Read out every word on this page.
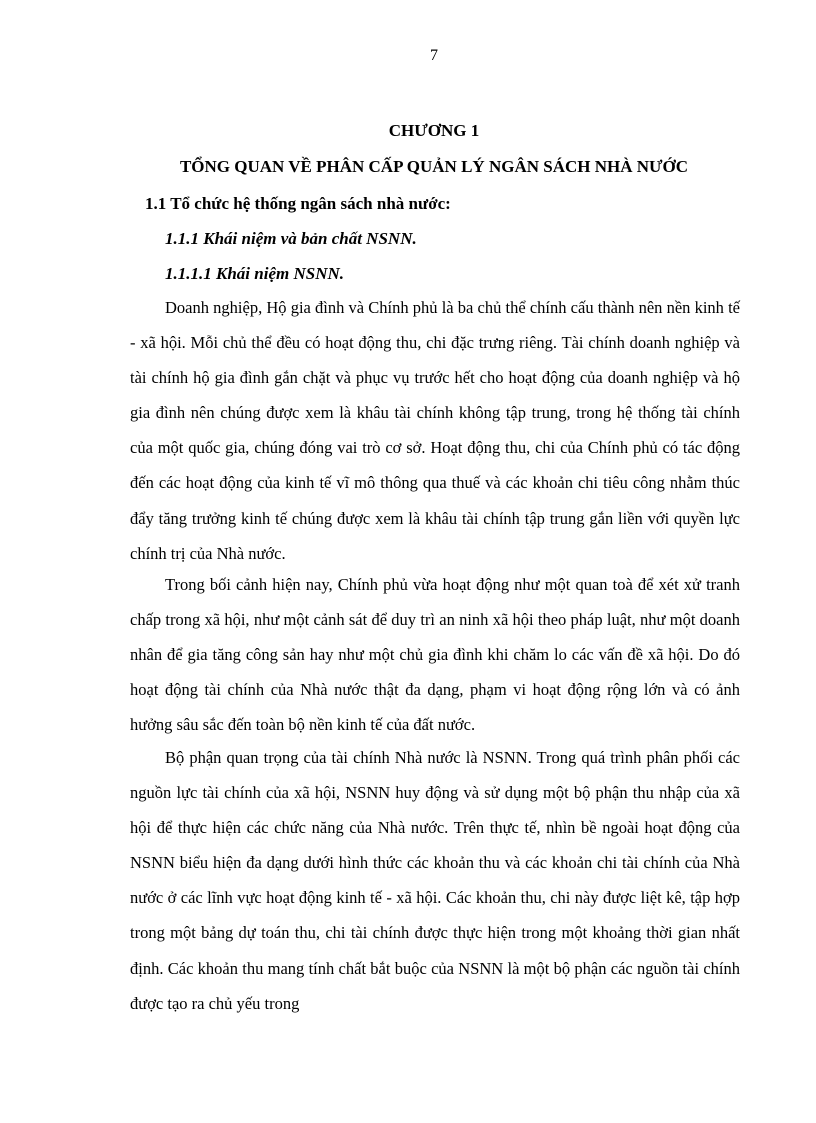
7
CHƯƠNG 1
TỔNG QUAN VỀ PHÂN CẤP QUẢN LÝ NGÂN SÁCH NHÀ NƯỚC
1.1 Tổ chức hệ thống ngân sách nhà nước:
1.1.1 Khái niệm và bản chất NSNN.
1.1.1.1 Khái niệm NSNN.

Doanh nghiệp, Hộ gia đình và Chính phủ là ba chủ thể chính cấu thành nên nền kinh tế - xã hội. Mỗi chủ thể đều có hoạt động thu, chi đặc trưng riêng. Tài chính doanh nghiệp và tài chính hộ gia đình gắn chặt và phục vụ trước hết cho hoạt động của doanh nghiệp và hộ gia đình nên chúng được xem là khâu tài chính không tập trung, trong hệ thống tài chính của một quốc gia, chúng đóng vai trò cơ sở. Hoạt động thu, chi của Chính phủ có tác động đến các hoạt động của kinh tế vĩ mô thông qua thuế và các khoản chi tiêu công nhằm thúc đẩy tăng trưởng kinh tế chúng được xem là khâu tài chính tập trung gắn liền với quyền lực chính trị của Nhà nước.

Trong bối cảnh hiện nay, Chính phủ vừa hoạt động như một quan toà để xét xử tranh chấp trong xã hội, như một cảnh sát để duy trì an ninh xã hội theo pháp luật, như một doanh nhân để gia tăng công sản hay như một chủ gia đình khi chăm lo các vấn đề xã hội. Do đó hoạt động tài chính của Nhà nước thật đa dạng, phạm vi hoạt động rộng lớn và có ảnh hưởng sâu sắc đến toàn bộ nền kinh tế của đất nước.

Bộ phận quan trọng của tài chính Nhà nước là NSNN. Trong quá trình phân phối các nguồn lực tài chính của xã hội, NSNN huy động và sử dụng một bộ phận thu nhập của xã hội để thực hiện các chức năng của Nhà nước. Trên thực tế, nhìn bề ngoài hoạt động của NSNN biểu hiện đa dạng dưới hình thức các khoản thu và các khoản chi tài chính của Nhà nước ở các lĩnh vực hoạt động kinh tế - xã hội. Các khoản thu, chi này được liệt kê, tập hợp trong một bảng dự toán thu, chi tài chính được thực hiện trong một khoảng thời gian nhất định. Các khoản thu mang tính chất bắt buộc của NSNN là một bộ phận các nguồn tài chính được tạo ra chủ yếu trong
